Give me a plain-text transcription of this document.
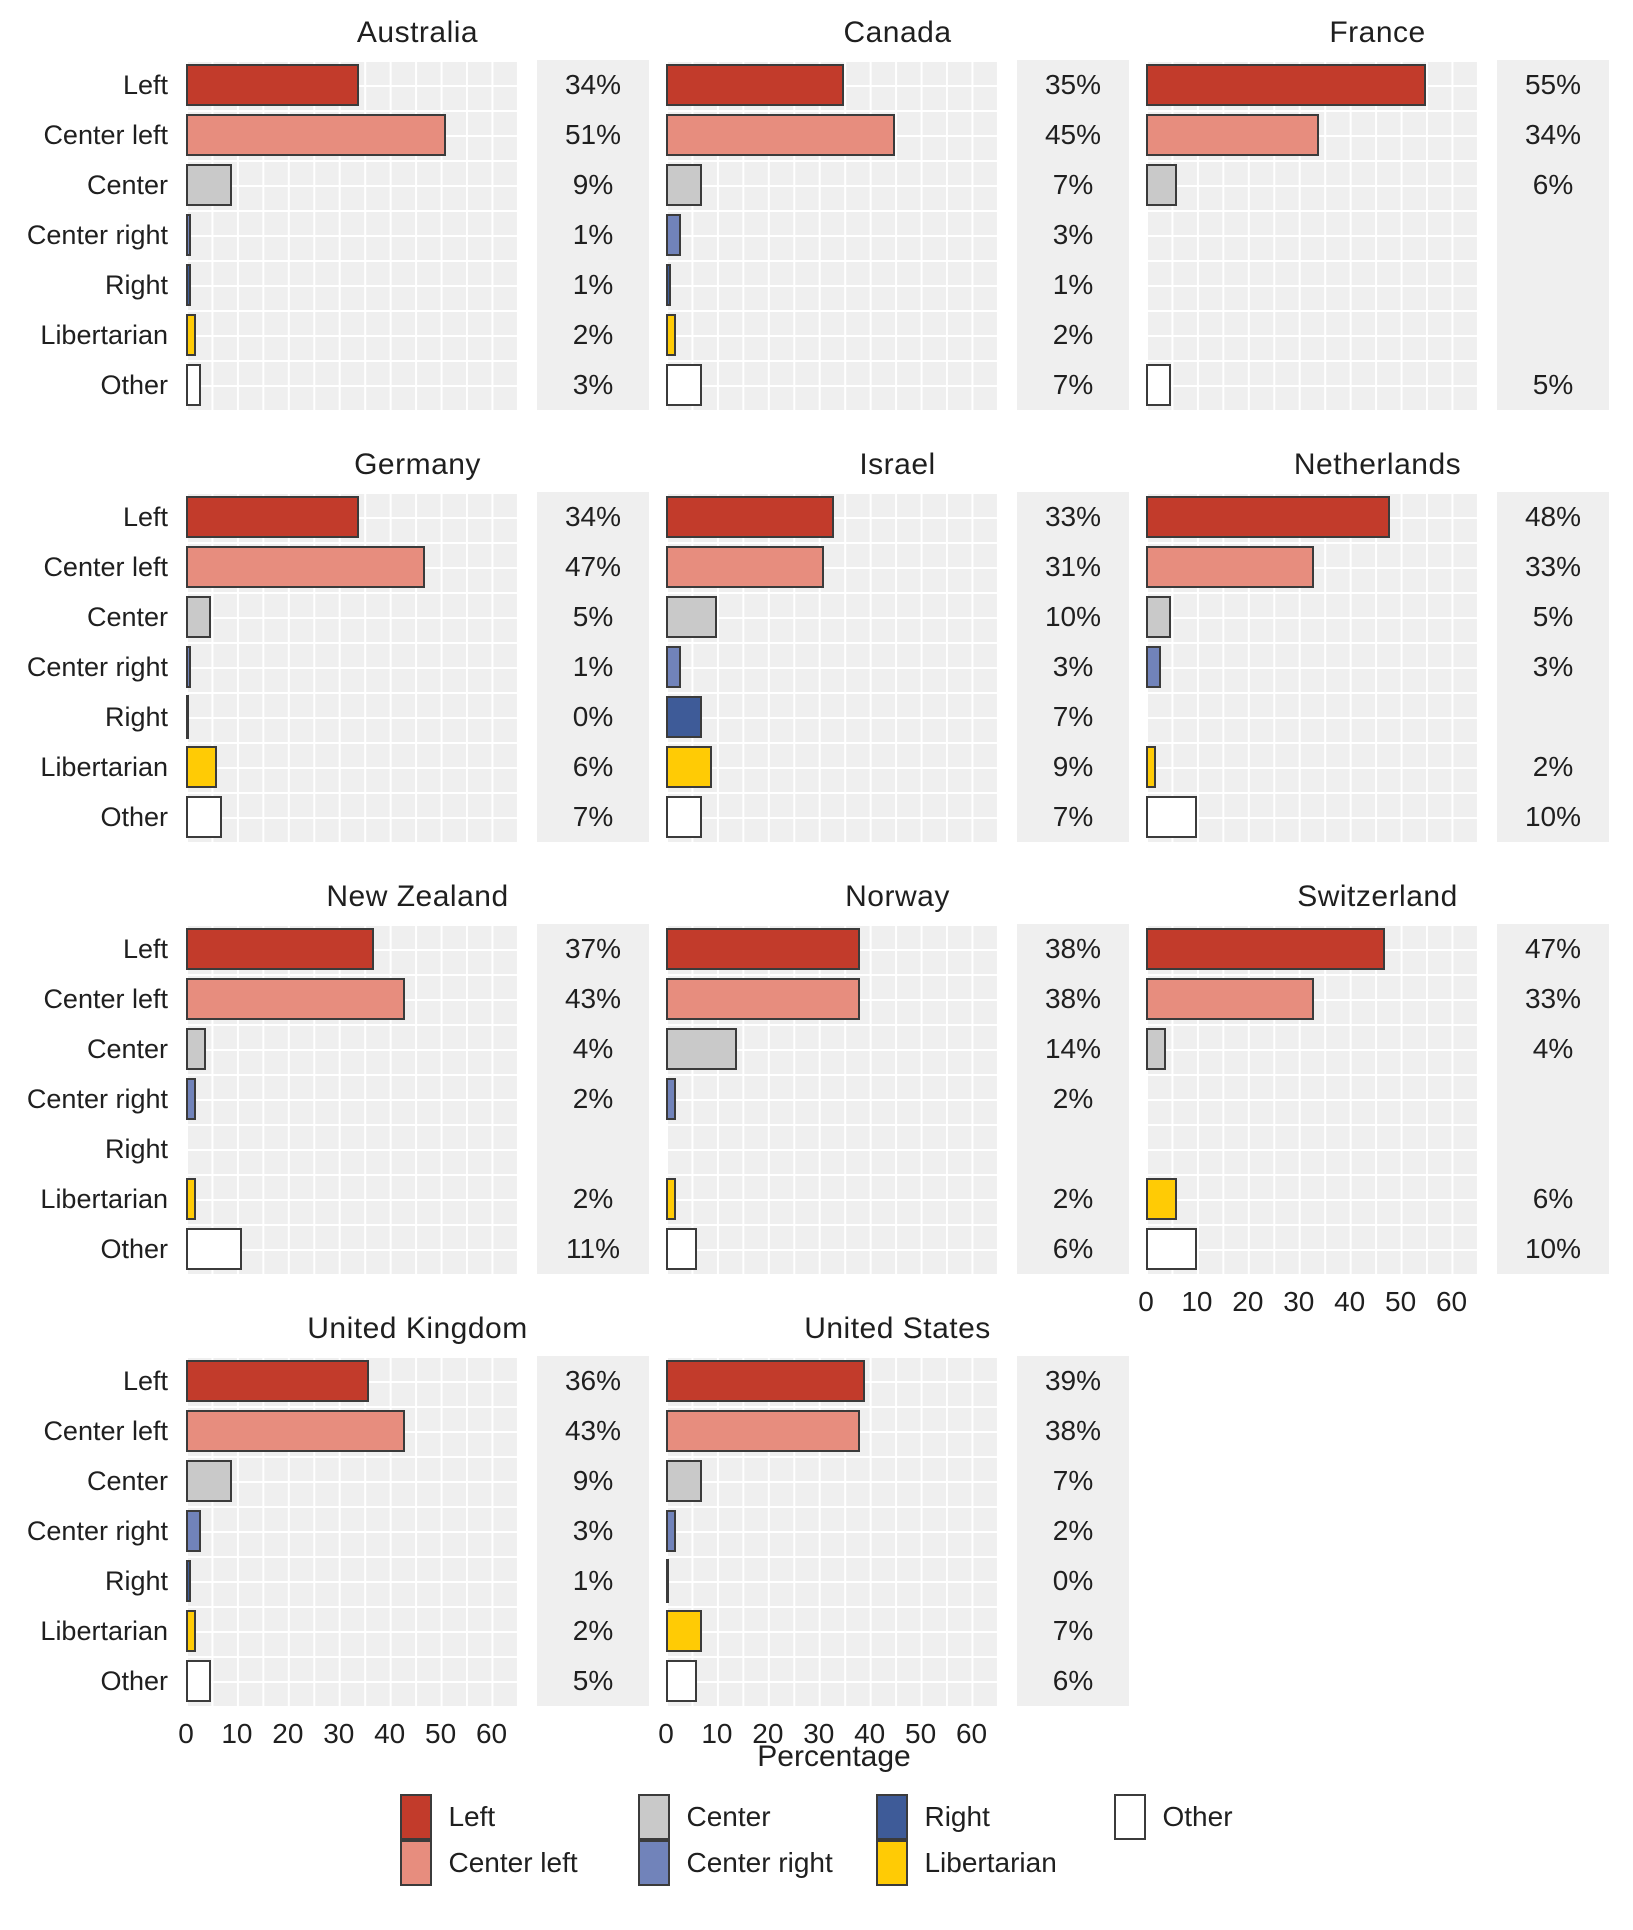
Left
Center left
Center
Center right
Right
Libertarian
Other
Australia
34%
51%
9%
1%
1%
2%
3%
Canada
35%
45%
7%
3%
1%
2%
7%
France
55%
34%
6%
5%
Left
Center left
Center
Center right
Right
Libertarian
Other
Germany
34%
47%
5%
1%
0%
6%
7%
Israel
33%
31%
10%
3%
7%
9%
7%
Netherlands
48%
33%
5%
3%
2%
10%
Left
Center left
Center
Center right
Right
Libertarian
Other
New Zealand
37%
43%
4%
2%
2%
11%
Norway
38%
38%
14%
2%
2%
6%
Switzerland
0 10 20 30 40 50 60
47%
33%
4%
6%
10%
Left
Center left
Center
Center right
Right
Libertarian
Other
United Kingdom
0 10 20 30 40 50 60
36%
43%
9%
3%
1%
2%
5%
United States
0 10 20 30 40 50 60
39%
38%
7%
2%
0%
7%
6%
Percentage
Left
Center left
Center
Center right
Right
Libertarian
Other
